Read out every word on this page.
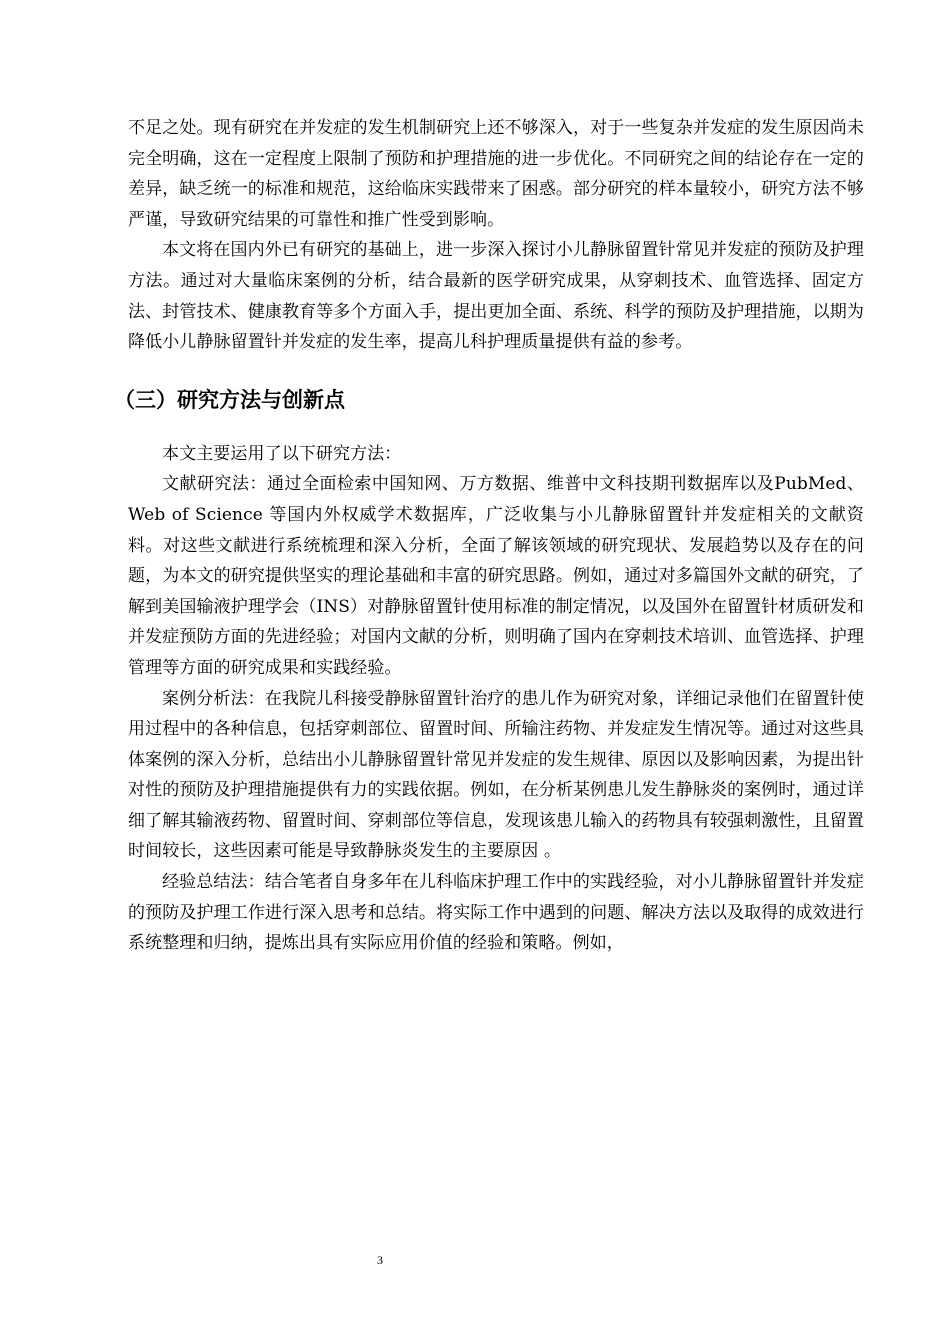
不足之处。现有研究在并发症的发生机制研究上还不够深入，对于一些复杂并发症的发生原因尚未完全明确，这在一定程度上限制了预防和护理措施的进一步优化。不同研究之间的结论存在一定的差异，缺乏统一的标准和规范，这给临床实践带来了困惑。部分研究的样本量较小，研究方法不够严谨，导致研究结果的可靠性和推广性受到影响。

本文将在国内外已有研究的基础上，进一步深入探讨小儿静脉留置针常见并发症的预防及护理方法。通过对大量临床案例的分析，结合最新的医学研究成果，从穿刺技术、血管选择、固定方法、封管技术、健康教育等多个方面入手，提出更加全面、系统、科学的预防及护理措施，以期为降低小儿静脉留置针并发症的发生率，提高儿科护理质量提供有益的参考。

（三）研究方法与创新点

本文主要运用了以下研究方法：

文献研究法：通过全面检索中国知网、万方数据、维普中文科技期刊数据库以及PubMed、Web of Science 等国内外权威学术数据库，广泛收集与小儿静脉留置针并发症相关的文献资料。对这些文献进行系统梳理和深入分析，全面了解该领域的研究现状、发展趋势以及存在的问题，为本文的研究提供坚实的理论基础和丰富的研究思路。例如，通过对多篇国外文献的研究，了解到美国输液护理学会（INS）对静脉留置针使用标准的制定情况，以及国外在留置针材质研发和并发症预防方面的先进经验；对国内文献的分析，则明确了国内在穿刺技术培训、血管选择、护理管理等方面的研究成果和实践经验。

案例分析法：在我院儿科接受静脉留置针治疗的患儿作为研究对象，详细记录他们在留置针使用过程中的各种信息，包括穿刺部位、留置时间、所输注药物、并发症发生情况等。通过对这些具体案例的深入分析，总结出小儿静脉留置针常见并发症的发生规律、原因以及影响因素，为提出针对性的预防及护理措施提供有力的实践依据。例如，在分析某例患儿发生静脉炎的案例时，通过详细了解其输液药物、留置时间、穿刺部位等信息，发现该患儿输入的药物具有较强刺激性，且留置时间较长，这些因素可能是导致静脉炎发生的主要原因 。

经验总结法：结合笔者自身多年在儿科临床护理工作中的实践经验，对小儿静脉留置针并发症的预防及护理工作进行深入思考和总结。将实际工作中遇到的问题、解决方法以及取得的成效进行系统整理和归纳，提炼出具有实际应用价值的经验和策略。例如，

3
